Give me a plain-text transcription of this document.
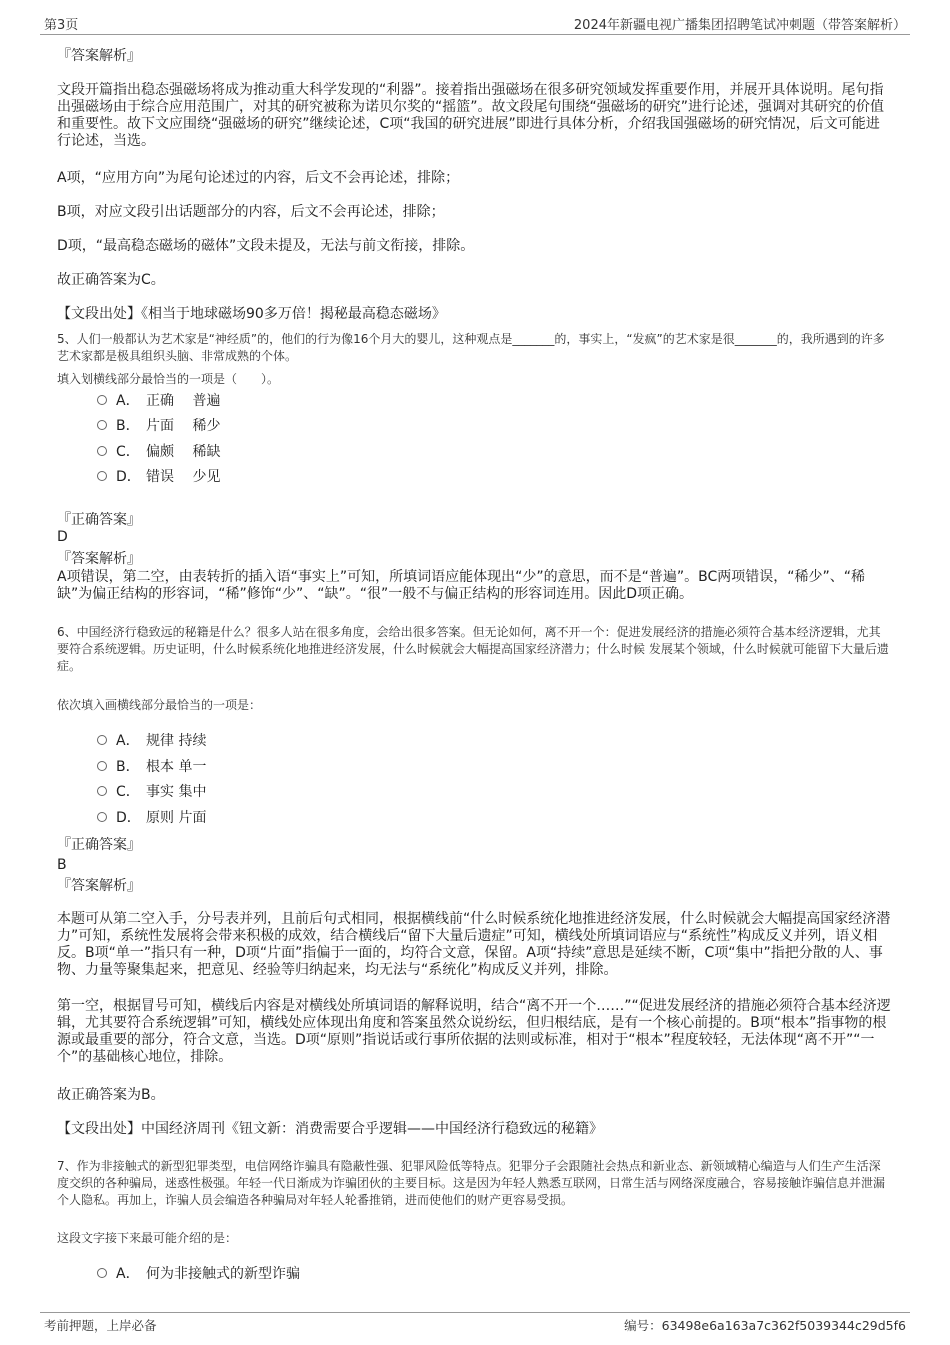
第3页	2024年新疆电视广播集团招聘笔试冲刺题（带答案解析）
『答案解析』
文段开篇指出稳态强磁场将成为推动重大科学发现的“利器”。接着指出强磁场在很多研究领域发挥重要作用，并展开具体说明。尾句指出强磁场由于综合应用范围广，对其的研究被称为诺贝尔奖的“摇篮”。故文段尾句围绕“强磁场的研究”进行论述，强调对其研究的价值和重要性。故下文应围绕“强磁场的研究”继续论述，C项“我国的研究进展”即进行具体分析，介绍我国强磁场的研究情况，后文可能进行论述，当选。
A项，“应用方向”为尾句论述过的内容，后文不会再论述，排除；
B项，对应文段引出话题部分的内容，后文不会再论述，排除；
D项，“最高稳态磁场的磁体”文段未提及，无法与前文衔接，排除。
故正确答案为C。
【文段出处】《相当于地球磁场90多万倍！揭秘最高稳态磁场》
5、人们一般都认为艺术家是“神经质”的，他们的行为像16个月大的婴儿，这种观点是_______的，事实上，“发疯”的艺术家是很_______的，我所遇到的许多艺术家都是极具组织头脑、非常成熟的个体。
填入划横线部分最恰当的一项是（　　）。
A． 正确　 普遍
B． 片面　 稀少
C． 偏颇　 稀缺
D． 错误　 少见
『正确答案』
D
『答案解析』
A项错误，第二空，由表转折的插入语“事实上”可知，所填词语应能体现出“少”的意思，而不是“普遍”。BC两项错误，“稀少”、“稀缺”为偏正结构的形容词，“稀”修饰“少”、“缺”。“很”一般不与偏正结构的形容词连用。因此D项正确。
6、中国经济行稳致远的秘籍是什么？很多人站在很多角度，会给出很多答案。但无论如何，离不开一个：促进发展经济的措施必须符合基本经济逻辑，尤其要符合系统逻辑。历史证明，什么时候系统化地推进经济发展，什么时候就会大幅提高国家经济潜力；什么时候 发展某个领域，什么时候就可能留下大量后遗症。
依次填入画横线部分最恰当的一项是：
A． 规律 持续
B． 根本 单一
C． 事实 集中
D． 原则 片面
『正确答案』
B
『答案解析』
本题可从第二空入手，分号表并列，且前后句式相同，根据横线前“什么时候系统化地推进经济发展，什么时候就会大幅提高国家经济潜力”可知，系统性发展将会带来积极的成效，结合横线后“留下大量后遗症”可知，横线处所填词语应与“系统性”构成反义并列，语义相反。B项“单一”指只有一种，D项“片面”指偏于一面的，均符合文意，保留。A项“持续”意思是延续不断，C项“集中”指把分散的人、事物、力量等聚集起来，把意见、经验等归纳起来，均无法与“系统化”构成反义并列，排除。
第一空，根据冒号可知，横线后内容是对横线处所填词语的解释说明，结合“离不开一个……”“促进发展经济的措施必须符合基本经济逻辑，尤其要符合系统逻辑”可知，横线处应体现出角度和答案虽然众说纷纭，但归根结底，是有一个核心前提的。B项“根本”指事物的根源或最重要的部分，符合文意，当选。D项“原则”指说话或行事所依据的法则或标准，相对于“根本”程度较轻，无法体现“离不开”“一个”的基础核心地位，排除。
故正确答案为B。
【文段出处】中国经济周刊《钮文新：消费需要合乎逻辑——中国经济行稳致远的秘籍》
7、作为非接触式的新型犯罪类型，电信网络诈骗具有隐蔽性强、犯罪风险低等特点。犯罪分子会跟随社会热点和新业态、新领域精心编造与人们生产生活深度交织的各种骗局，迷惑性极强。年轻一代日渐成为诈骗团伙的主要目标。这是因为年轻人熟悉互联网，日常生活与网络深度融合，容易接触诈骗信息并泄漏个人隐私。再加上，诈骗人员会编造各种骗局对年轻人轮番推销，进而使他们的财产更容易受损。
这段文字接下来最可能介绍的是：
A． 何为非接触式的新型诈骗
考前押题，上岸必备	编号：63498e6a163a7c362f5039344c29d5f6
